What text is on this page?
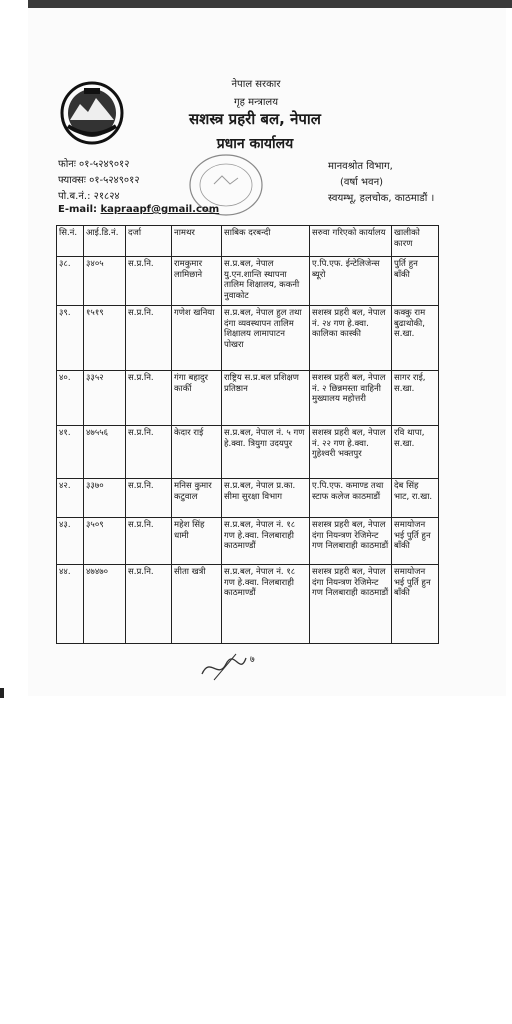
नेपाल सरकार
गृह मन्त्रालय
सशस्त्र प्रहरी बल, नेपाल
प्रधान कार्यालय
फोनः ०१-५२४९०१२
फ्याक्सः ०१-५२४९०१२
पो.ब.नं.: २१८२४
E-mail: kapraapf@gmail.com
मानवश्रोत विभाग,
(वर्षा भवन)
स्वयम्भू, हलचोक, काठमाडौं ।
सि.नं.	आई.डि.नं.	दर्जा	नामथर	साबिक दरबन्दी	सरुवा गरिएको कार्यालय	खालीको कारण
३८.	३४०५	स.प्र.नि.	रामकुमार लामिछाने	स.प्र.बल, नेपाल यु.एन.शान्ति स्थापना तालिम शिक्षालय, ककनी नुवाकोट	ए.पि.एफ. ईन्टेलिजेन्स ब्यूरो	पुर्ति हुन बाँकी
३९.	१५१९	स.प्र.नि.	गणेश खनिया	स.प्र.बल, नेपाल हुल तथा दंगा व्यवस्थापन तालिम शिक्षालय लामापाटन पोखरा	सशस्त्र प्रहरी बल, नेपाल नं. २४ गण हे.क्वा. कालिका कास्की	कक्कु राम बुढाथोकी, स.खा.
४०.	३३५२	स.प्र.नि.	गंगा बहादुर कार्की	राष्ट्रिय स.प्र.बल प्रशिक्षण प्रतिष्ठान	सशस्त्र प्रहरी बल, नेपाल नं. २ छिन्नमस्ता वाहिनी मुख्यालय महोत्तरी	सागर राई, स.खा.
४१.	४७५५६	स.प्र.नि.	केदार राई	स.प्र.बल, नेपाल नं. ५ गण हे.क्वा. त्रियुगा उदयपुर	सशस्त्र प्रहरी बल, नेपाल नं. २२ गण हे.क्वा. गुहेश्वरी भक्तपुर	रवि थापा, स.खा.
४२.	३३७०	स.प्र.नि.	मनिस कुमार कटुवाल	स.प्र.बल, नेपाल प्र.का. सीमा सुरक्षा विभाग	ए.पि.एफ. कमाण्ड तथा स्टाफ कलेज काठमाडौं	देब सिंह भाट, रा.खा.
४३.	३५०९	स.प्र.नि.	महेश सिंह धामी	स.प्र.बल, नेपाल नं. १८ गण हे.क्वा. निलबाराही काठमाण्डौं	सशस्त्र प्रहरी बल, नेपाल दंगा नियन्त्रण रेजिमेन्ट गण निलबाराही काठमाडौं	समायोजन भई पुर्ति हुन बाँकी
४४.	४७४७०	स.प्र.नि.	सीता खत्री	स.प्र.बल, नेपाल नं. १८ गण हे.क्वा. निलबाराही काठमाण्डौं	सशस्त्र प्रहरी बल, नेपाल दंगा नियन्त्रण रेजिमेन्ट गण निलबाराही काठमाडौं	समायोजन भई पुर्ति हुन बाँकी
७
